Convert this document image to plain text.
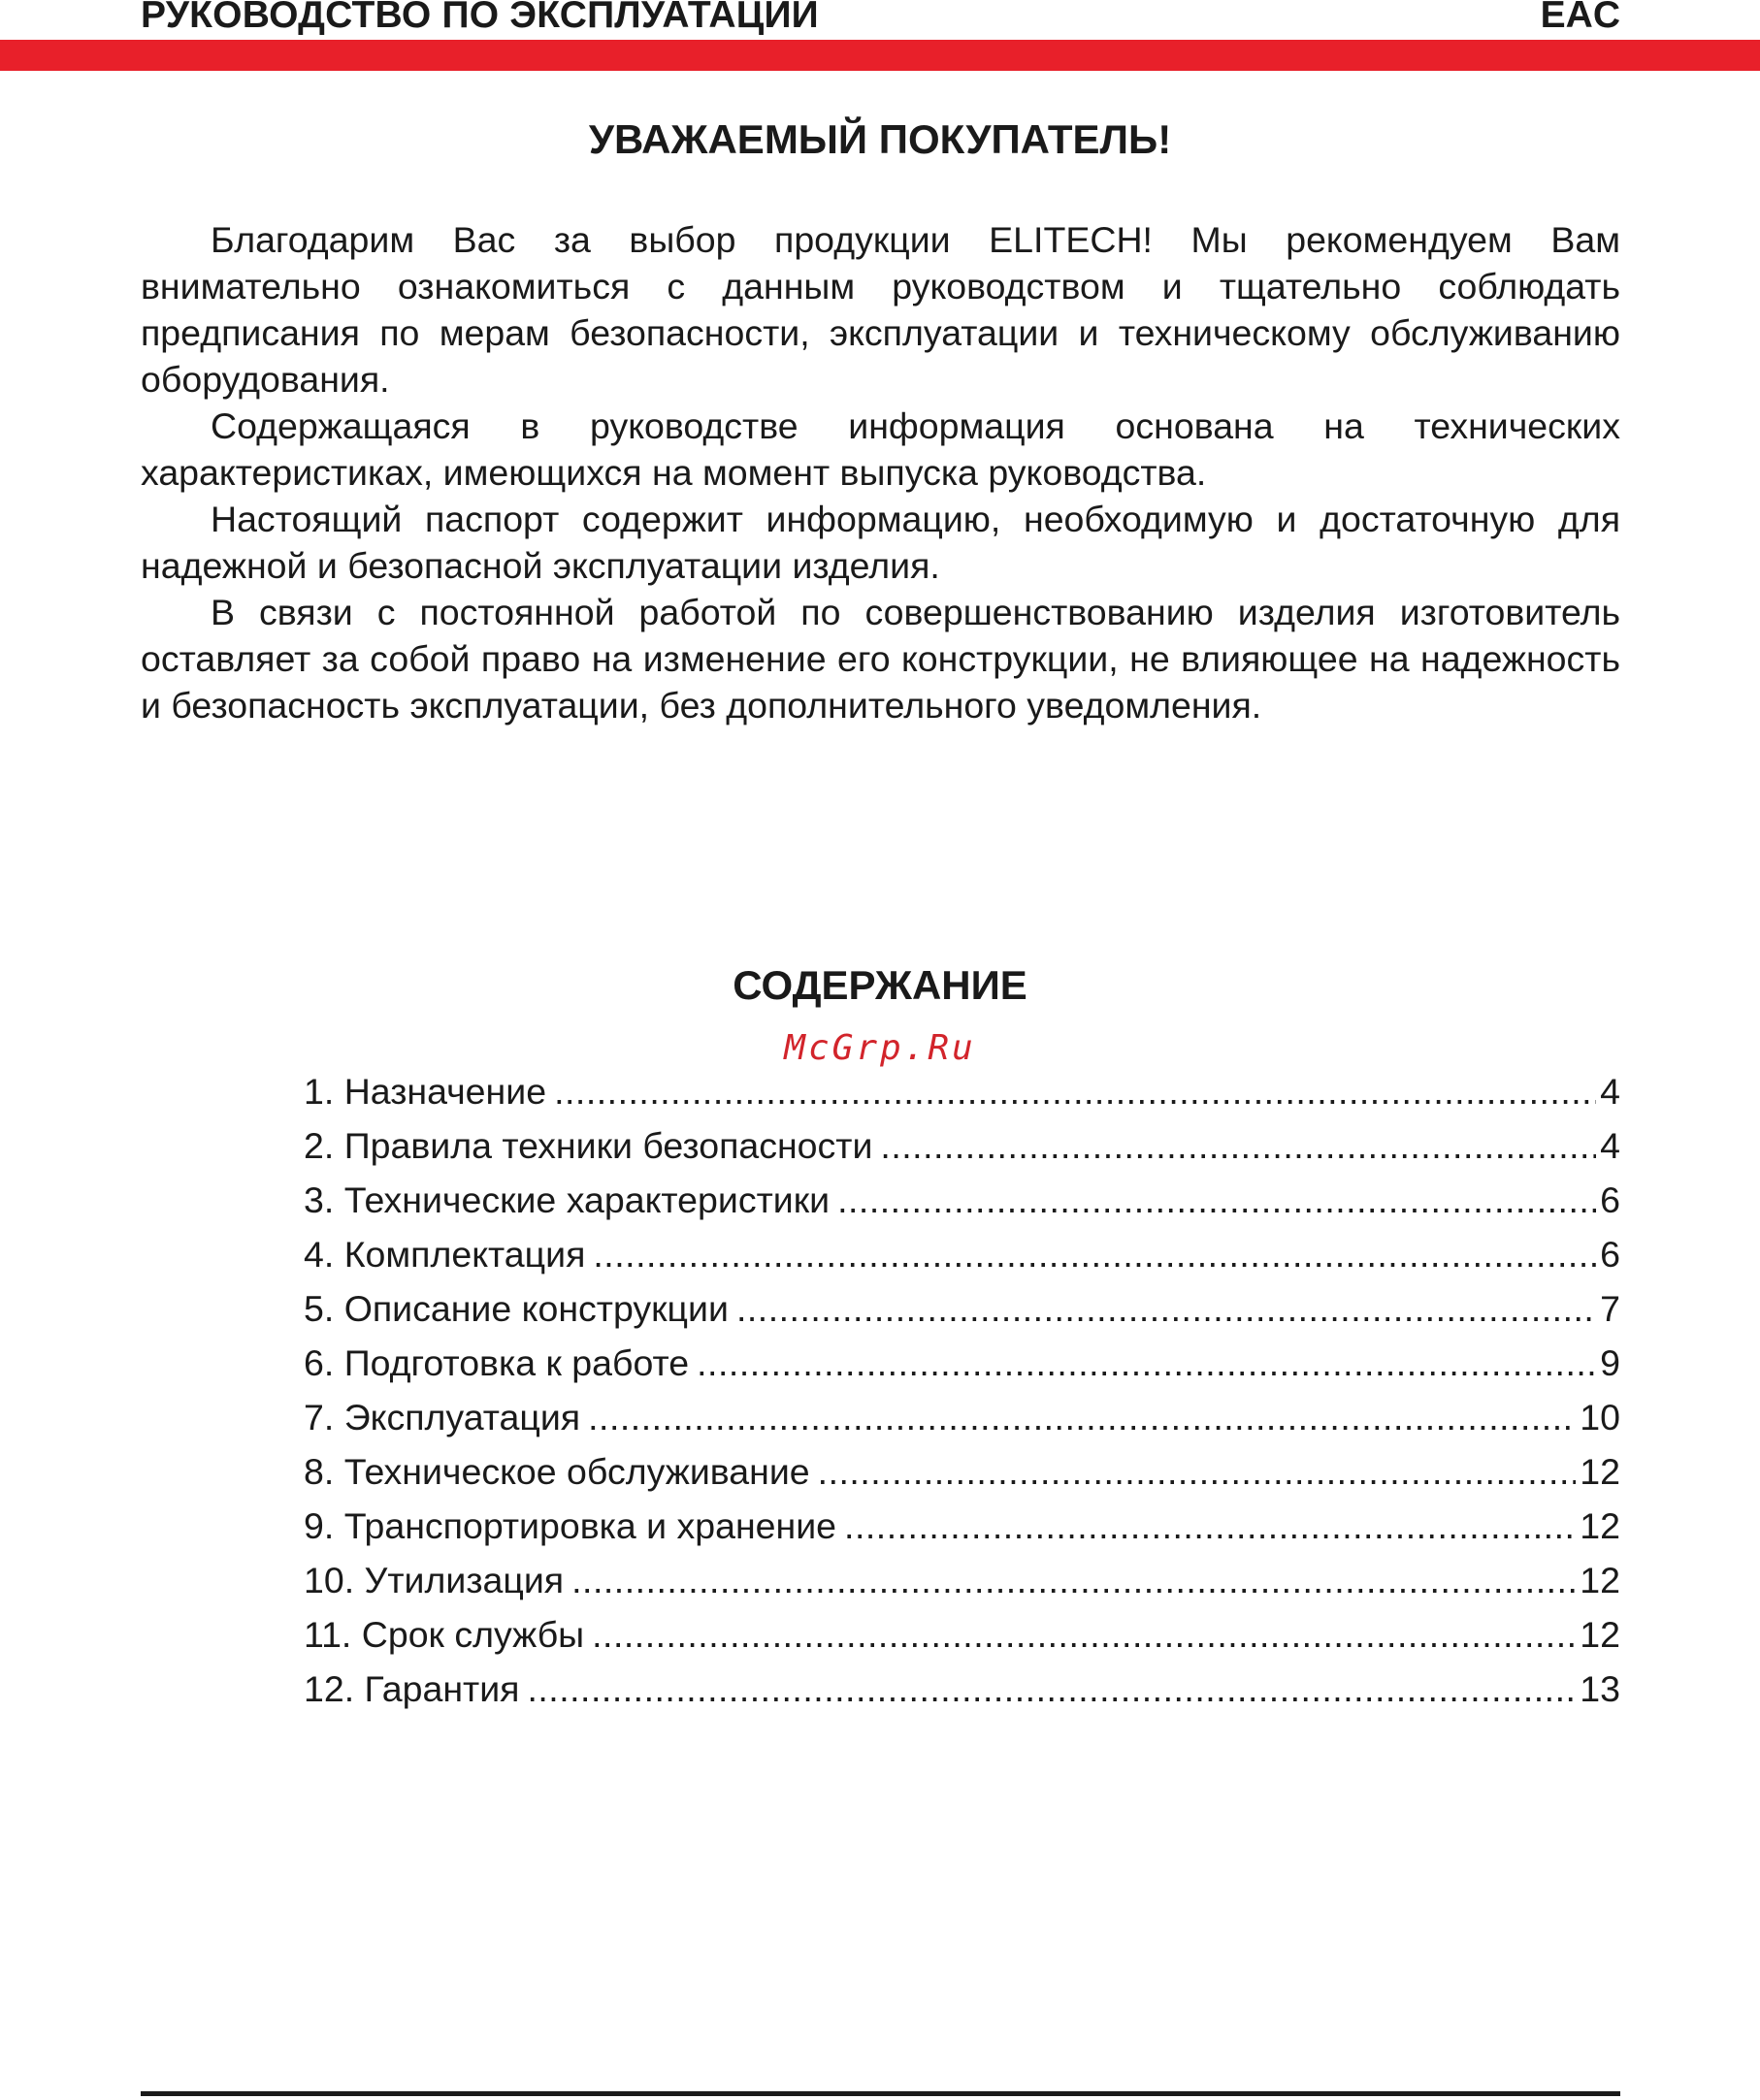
РУКОВОДСТВО ПО ЭКСПЛУАТАЦИИ	EAC
УВАЖАЕМЫЙ ПОКУПАТЕЛЬ!

Благодарим Вас за выбор продукции ELITECH! Мы рекомендуем Вам внимательно ознакомиться с данным руководством и тщательно соблюдать предписания по мерам безопасности, эксплуатации и техническому обслуживанию оборудования.

Содержащаяся в руководстве информация основана на технических характеристиках, имеющихся на момент выпуска руководства.

Настоящий паспорт содержит информацию, необходимую и достаточную для надежной и безопасной эксплуатации изделия.

В связи с постоянной работой по совершенствованию изделия изготовитель оставляет за собой право на изменение его конструкции, не влияющее на надежность и безопасность эксплуатации, без дополнительного уведомления.

СОДЕРЖАНИЕ
McGrp.Ru
1. Назначение .....	4
2. Правила техники безопасности .....	4
3. Технические характеристики .....	6
4. Комплектация .....	6
5. Описание конструкции .....	7
6. Подготовка к работе .....	9
7. Эксплуатация .....	10
8. Техническое обслуживание .....	12
9. Транспортировка и хранение .....	12
10. Утилизация .....	12
11. Срок службы .....	12
12. Гарантия .....	13
